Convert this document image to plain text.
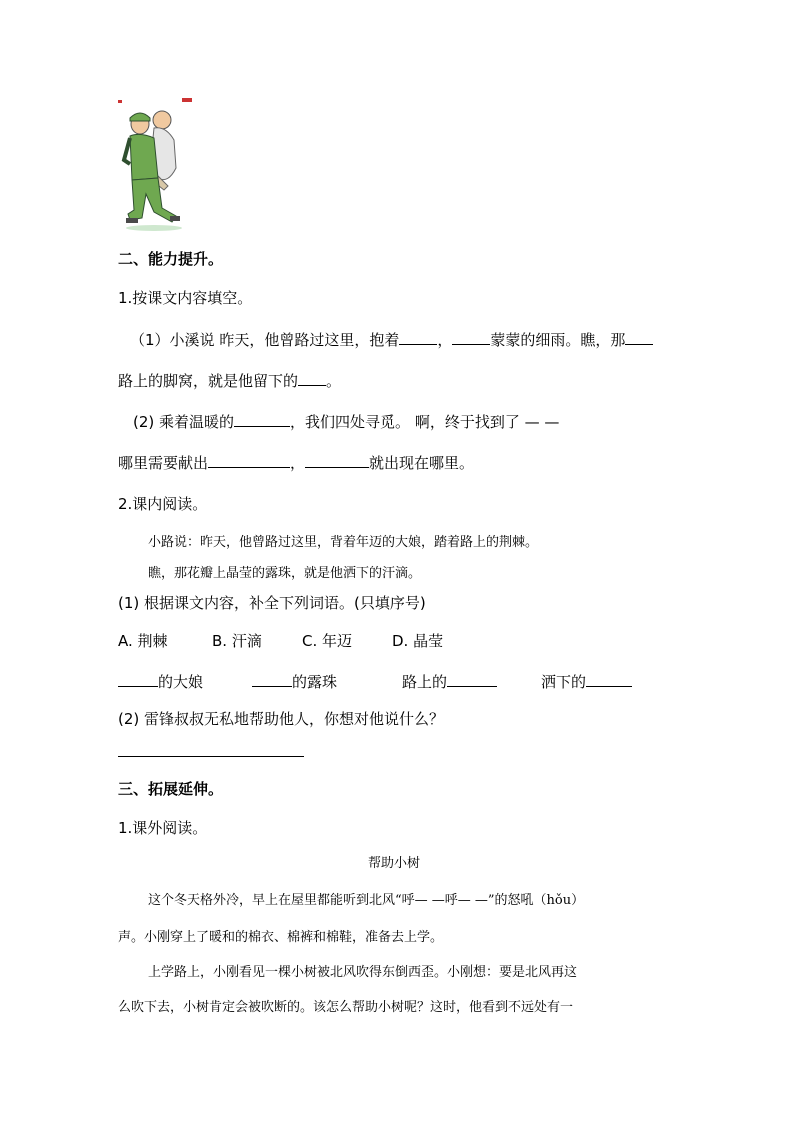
二、能力提升。
1.按课文内容填空。
（1）小溪说 昨天，他曾路过这里，抱着	，	蒙蒙的细雨。瞧，那
路上的脚窝，就是他留下的 。
(2) 乘着温暖的	，我们四处寻觅。 啊，终于找到了 — —
哪里需要献出	，	就出现在哪里。
2.课内阅读。
小路说：昨天，他曾路过这里，背着年迈的大娘，踏着路上的荆棘。
瞧，那花瓣上晶莹的露珠，就是他洒下的汗滴。
(1) 根据课文内容，补全下列词语。(只填序号)
A. 荆棘	B. 汗滴	C. 年迈	D. 晶莹
的大娘	的露珠	路上的	洒下的
(2) 雷锋叔叔无私地帮助他人，你想对他说什么？
三、拓展延伸。
1.课外阅读。
帮助小树
这个冬天格外冷，早上在屋里都能听到北风“呼— —呼— —”的怒吼（hǒu）
声。小刚穿上了暖和的棉衣、棉裤和棉鞋，准备去上学。
上学路上，小刚看见一棵小树被北风吹得东倒西歪。小刚想：要是北风再这
么吹下去，小树肯定会被吹断的。该怎么帮助小树呢？这时，他看到不远处有一
